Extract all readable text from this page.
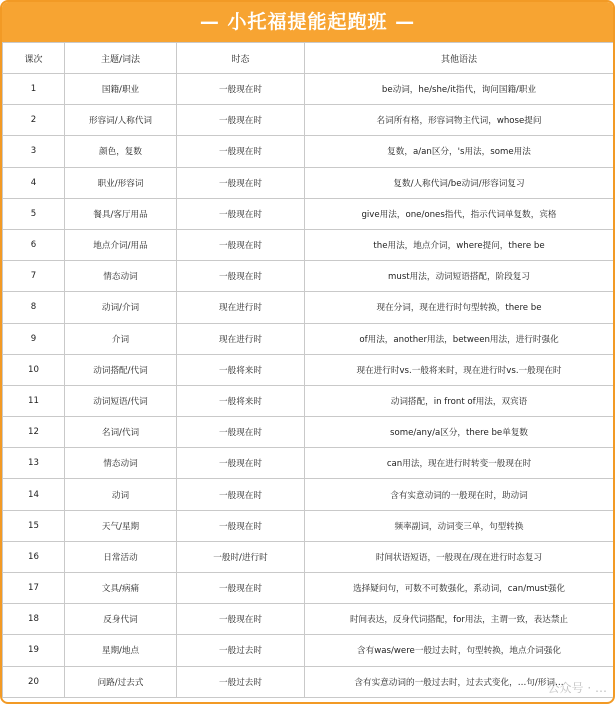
— 小托福提能起跑班 —
课次	主题/词法	时态	其他语法
1	国籍/职业	一般现在时	be动词，he/she/it指代，询问国籍/职业
2	形容词/人称代词	一般现在时	名词所有格，形容词物主代词，whose提问
3	颜色，复数	一般现在时	复数，a/an区分，'s用法，some用法
4	职业/形容词	一般现在时	复数/人称代词/be动词/形容词复习
5	餐具/客厅用品	一般现在时	give用法，one/ones指代，指示代词单复数，宾格
6	地点介词/用品	一般现在时	the用法，地点介词，where提问，there be
7	情态动词	一般现在时	must用法，动词短语搭配，阶段复习
8	动词/介词	现在进行时	现在分词，现在进行时句型转换，there be
9	介词	现在进行时	of用法，another用法，between用法，进行时强化
10	动词搭配/代词	一般将来时	现在进行时vs.一般将来时，现在进行时vs.一般现在时
11	动词短语/代词	一般将来时	动词搭配，in front of用法，双宾语
12	名词/代词	一般现在时	some/any/a区分，there be单复数
13	情态动词	一般现在时	can用法，现在进行时转变一般现在时
14	动词	一般现在时	含有实意动词的一般现在时，助动词
15	天气/星期	一般现在时	频率副词，动词变三单，句型转换
16	日常活动	一般时/进行时	时间状语短语，一般现在/现在进行时态复习
17	文具/病痛	一般现在时	选择疑问句，可数不可数强化，系动词，can/must强化
18	反身代词	一般现在时	时间表达，反身代词搭配，for用法，主谓一致，表达禁止
19	星期/地点	一般过去时	含有was/were一般过去时，句型转换，地点介词强化
20	问路/过去式	一般过去时	含有实意动词的一般过去时，过去式变化，…句/形词…
公众号 · …
